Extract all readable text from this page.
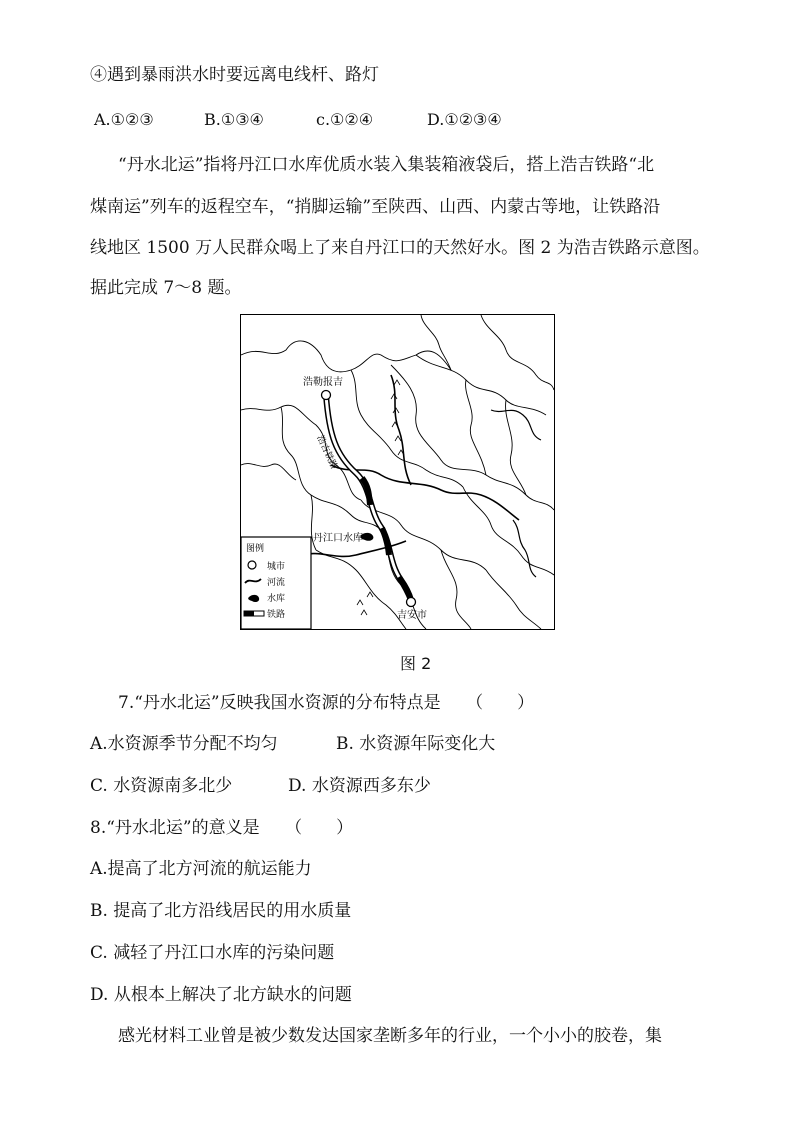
④遇到暴雨洪水时要远离电线杆、路灯
A.①②③	B.①③④	c.①②④	D.①②③④
“丹水北运”指将丹江口水库优质水装入集装箱液袋后，搭上浩吉铁路“北
煤南运”列车的返程空车，“捎脚运输”至陕西、山西、内蒙古等地，让铁路沿
线地区 1500 万人民群众喝上了来自丹江口的天然好水。图 2 为浩吉铁路示意图。
据此完成 7～8 题。
浩勒报吉
浩吉铁路
丹江口水库
吉安市
图例
城市
河流
水库
铁路
图 2
7.“丹水北运”反映我国水资源的分布特点是　　（　　）
A.水资源季节分配不均匀	B. 水资源年际变化大
C. 水资源南多北少	D. 水资源西多东少
8.“丹水北运”的意义是　　（　　）
A.提高了北方河流的航运能力
B. 提高了北方沿线居民的用水质量
C. 减轻了丹江口水库的污染问题
D. 从根本上解决了北方缺水的问题
感光材料工业曾是被少数发达国家垄断多年的行业，一个小小的胶卷，集
